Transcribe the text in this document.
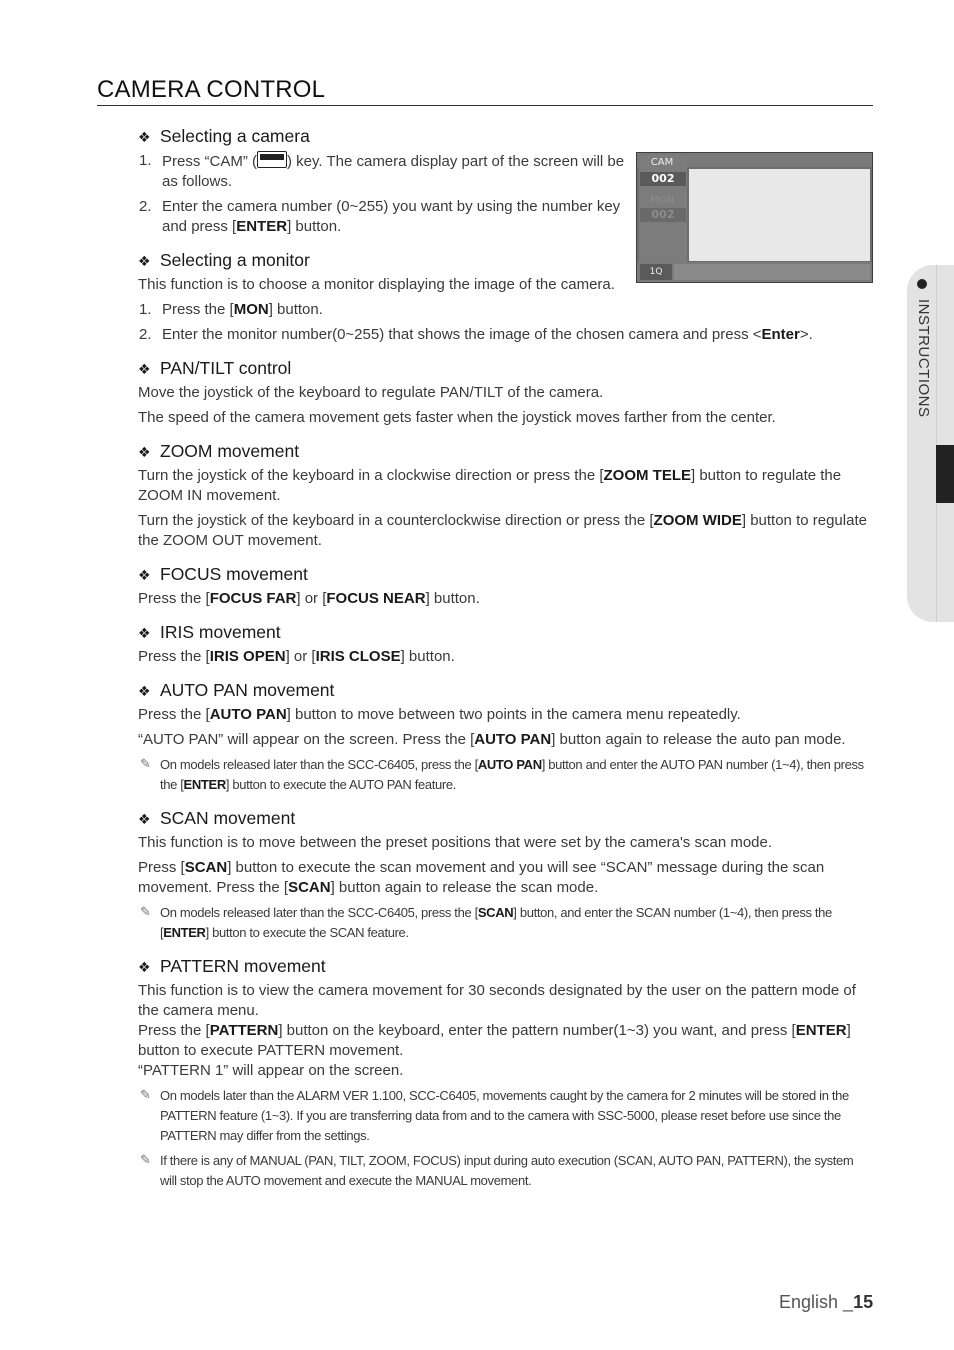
CAMERA CONTROL
CAM
002
MON
002
1Q
❖ Selecting a camera
1. Press “CAM” ( ) key. The camera display part of the screen will be as follows.
2. Enter the camera number (0~255) you want by using the number key and press [ENTER] button.
❖ Selecting a monitor

This function is to choose a monitor displaying the image of the camera.

1. Press the [MON] button.
2. Enter the monitor number(0~255) that shows the image of the chosen camera and press <Enter>.
❖ PAN/TILT control

Move the joystick of the keyboard to regulate PAN/TILT of the camera.

The speed of the camera movement gets faster when the joystick moves farther from the center.

❖ ZOOM movement

Turn the joystick of the keyboard in a clockwise direction or press the [ZOOM TELE] button to regulate the ZOOM IN movement.

Turn the joystick of the keyboard in a counterclockwise direction or press the [ZOOM WIDE] button to regulate the ZOOM OUT movement.

❖ FOCUS movement

Press the [FOCUS FAR] or [FOCUS NEAR] button.

❖ IRIS movement

Press the [IRIS OPEN] or [IRIS CLOSE] button.

❖ AUTO PAN movement

Press the [AUTO PAN] button to move between two points in the camera menu repeatedly.

“AUTO PAN” will appear on the screen. Press the [AUTO PAN] button again to release the auto pan mode.

✎ On models released later than the SCC-C6405, press the [AUTO PAN] button and enter the AUTO PAN number (1~4), then press the [ENTER] button to execute the AUTO PAN feature.
❖ SCAN movement

This function is to move between the preset positions that were set by the camera's scan mode.

Press [SCAN] button to execute the scan movement and you will see “SCAN” message during the scan movement. Press the [SCAN] button again to release the scan mode.

✎ On models released later than the SCC-C6405, press the [SCAN] button, and enter the SCAN number (1~4), then press the [ENTER] button to execute the SCAN feature.
❖ PATTERN movement

This function is to view the camera movement for 30 seconds designated by the user on the pattern mode of the camera menu.

Press the [PATTERN] button on the keyboard, enter the pattern number(1~3) you want, and press [ENTER] button to execute PATTERN movement.

“PATTERN 1” will appear on the screen.

✎ On models later than the ALARM VER 1.100, SCC-C6405, movements caught by the camera for 2 minutes will be stored in the PATTERN feature (1~3). If you are transferring data from and to the camera with SSC-5000, please reset before use since the PATTERN may differ from the settings.
✎ If there is any of MANUAL (PAN, TILT, ZOOM, FOCUS) input during auto execution (SCAN, AUTO PAN, PATTERN), the system will stop the AUTO movement and execute the MANUAL movement.
INSTRUCTIONS
English _15
